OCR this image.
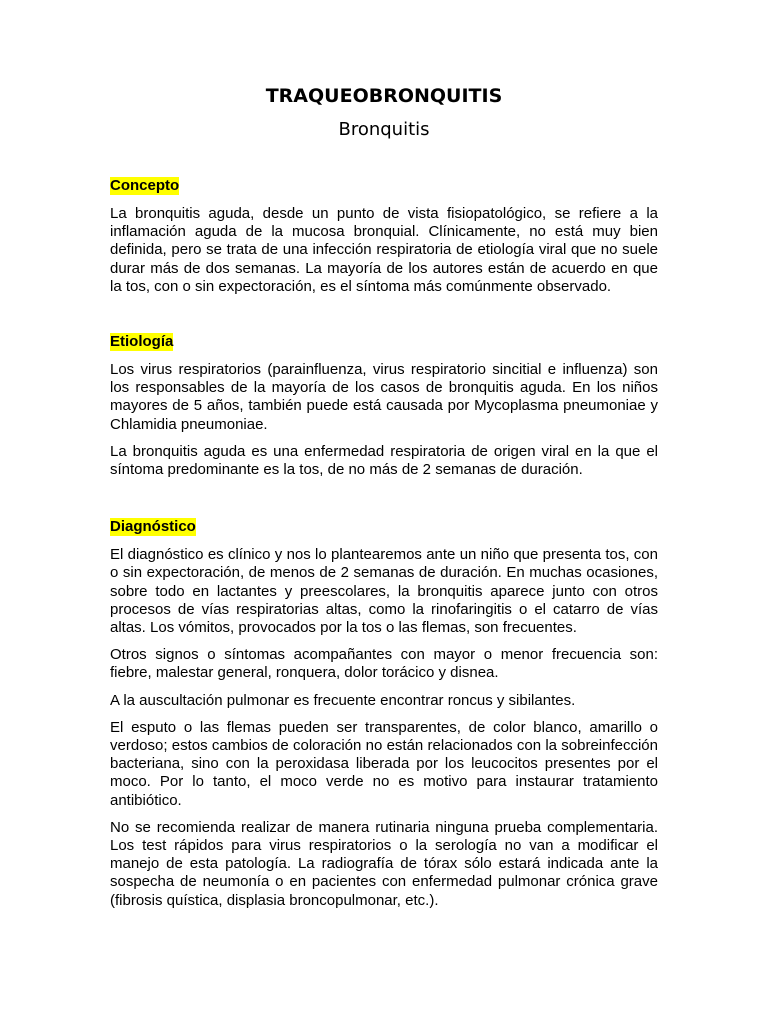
TRAQUEOBRONQUITIS
Bronquitis
Concepto

La bronquitis aguda, desde un punto de vista fisiopatológico, se refiere a la inflamación aguda de la mucosa bronquial. Clínicamente, no está muy bien definida, pero se trata de una infección respiratoria de etiología viral que no suele durar más de dos semanas. La mayoría de los autores están de acuerdo en que la tos, con o sin expectoración, es el síntoma más comúnmente observado.

Etiología

Los virus respiratorios (parainfluenza, virus respiratorio sincitial e influenza) son los responsables de la mayoría de los casos de bronquitis aguda. En los niños mayores de 5 años, también puede está causada por Mycoplasma pneumoniae y Chlamidia pneumoniae.

La bronquitis aguda es una enfermedad respiratoria de origen viral en la que el síntoma predominante es la tos, de no más de 2 semanas de duración.

Diagnóstico

El diagnóstico es clínico y nos lo plantearemos ante un niño que presenta tos, con o sin expectoración, de menos de 2 semanas de duración. En muchas ocasiones, sobre todo en lactantes y preescolares, la bronquitis aparece junto con otros procesos de vías respiratorias altas, como la rinofaringitis o el catarro de vías altas. Los vómitos, provocados por la tos o las flemas, son frecuentes.

Otros signos o síntomas acompañantes con mayor o menor frecuencia son: fiebre, malestar general, ronquera, dolor torácico y disnea.

A la auscultación pulmonar es frecuente encontrar roncus y sibilantes.

El esputo o las flemas pueden ser transparentes, de color blanco, amarillo o verdoso; estos cambios de coloración no están relacionados con la sobreinfección bacteriana, sino con la peroxidasa liberada por los leucocitos presentes por el moco. Por lo tanto, el moco verde no es motivo para instaurar tratamiento antibiótico.

No se recomienda realizar de manera rutinaria ninguna prueba complementaria. Los test rápidos para virus respiratorios o la serología no van a modificar el manejo de esta patología. La radiografía de tórax sólo estará indicada ante la sospecha de neumonía o en pacientes con enfermedad pulmonar crónica grave (fibrosis quística, displasia broncopulmonar, etc.).
